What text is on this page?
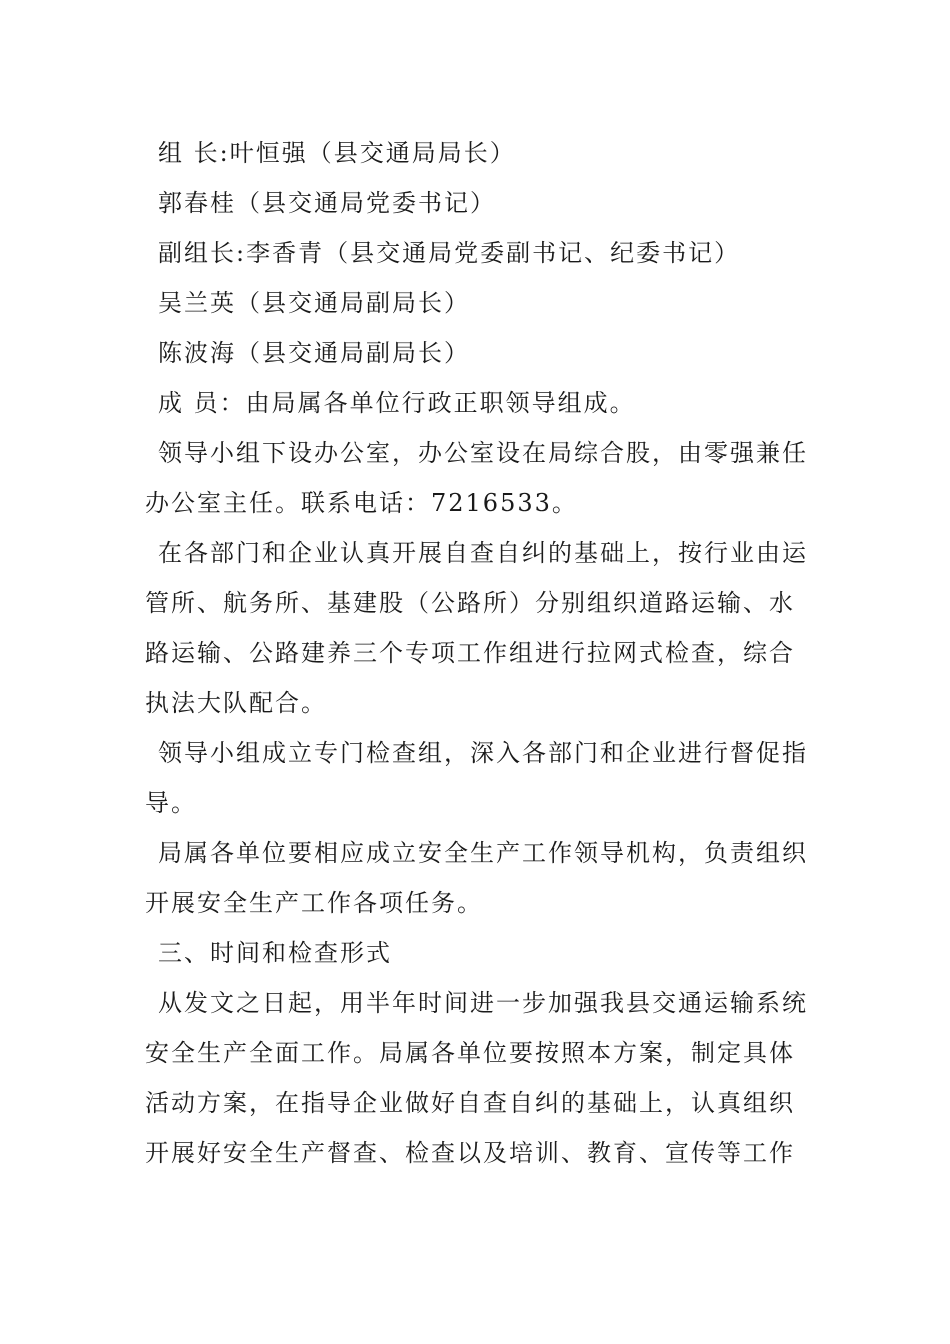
组 长:叶恒强（县交通局局长）
郭春桂（县交通局党委书记）
副组长:李香青（县交通局党委副书记、纪委书记）
吴兰英（县交通局副局长）
陈波海（县交通局副局长）
成 员：由局属各单位行政正职领导组成。
领导小组下设办公室，办公室设在局综合股，由零强兼任
办公室主任。联系电话：7216533。
在各部门和企业认真开展自查自纠的基础上，按行业由运
管所、航务所、基建股（公路所）分别组织道路运输、水
路运输、公路建养三个专项工作组进行拉网式检查，综合
执法大队配合。
领导小组成立专门检查组，深入各部门和企业进行督促指
导。
局属各单位要相应成立安全生产工作领导机构，负责组织
开展安全生产工作各项任务。
三、时间和检查形式
从发文之日起，用半年时间进一步加强我县交通运输系统
安全生产全面工作。局属各单位要按照本方案，制定具体
活动方案，在指导企业做好自查自纠的基础上，认真组织
开展好安全生产督查、检查以及培训、教育、宣传等工作
